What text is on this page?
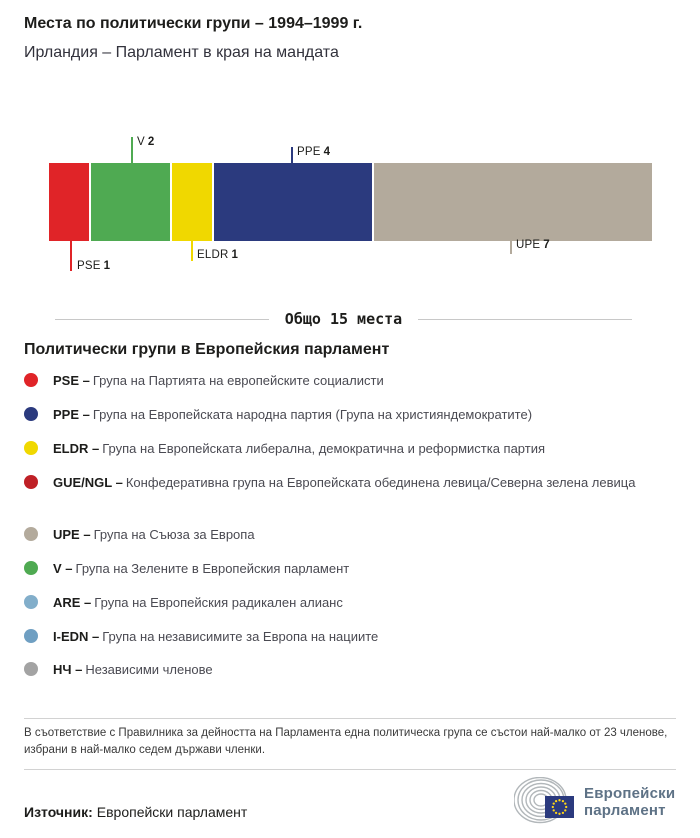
Места по политически групи – 1994–1999 г.
Ирландия – Парламент в края на мандата
V 2
PPE 4
PSE 1
ELDR 1
UPE 7
Общо 15 места
Политически групи в Европейския парламент
PSE – Група на Партията на европейските социалисти
PPE – Група на Европейската народна партия (Група на християндемократите)
ELDR – Група на Европейската либерална, демократична и реформистка партия
GUE/NGL – Конфедеративна група на Европейската обединена левица/Северна зелена левица
UPE – Група на Съюза за Европа
V – Група на Зелените в Европейския парламент
ARE – Група на Европейския радикален алианс
I-EDN – Група на независимите за Европа на нациите
НЧ – Независими членове
В съответствие с Правилника за дейността на Парламента една политическа група се състои най-малко от 23 членове, избрани в най-малко седем държави членки.
Източник: Европейски парламент
Европейски
парламент
